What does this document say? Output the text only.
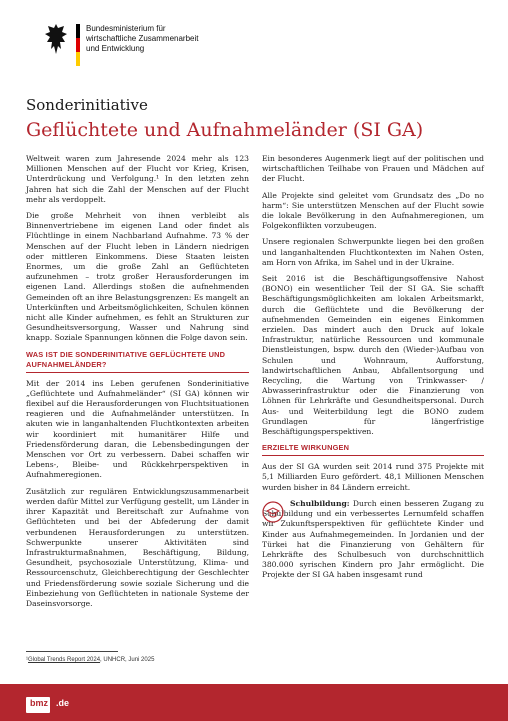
Bundesministerium für
wirtschaftliche Zusammenarbeit
und Entwicklung
Sonderinitiative
Geflüchtete und Aufnahmeländer (SI GA)

Weltweit waren zum Jahresende 2024 mehr als 123 Millionen Menschen auf der Flucht vor Krieg, Krisen, Unterdrückung und Verfolgung.¹ In den letzten zehn Jahren hat sich die Zahl der Menschen auf der Flucht mehr als verdoppelt.

Die große Mehrheit von ihnen verbleibt als Binnenvertriebene im eigenen Land oder findet als Flüchtlinge in einem Nachbarland Aufnahme. 73 % der Menschen auf der Flucht leben in Ländern niedrigen oder mittleren Einkommens. Diese Staaten leisten Enormes, um die große Zahl an Geflüchteten aufzunehmen – trotz großer Herausforderungen im eigenen Land. Allerdings stoßen die aufnehmenden Gemeinden oft an ihre Belastungsgrenzen: Es mangelt an Unterkünften und Arbeitsmöglichkeiten, Schulen können nicht alle Kinder aufnehmen, es fehlt an Strukturen zur Gesundheitsversorgung, Wasser und Nahrung sind knapp. Soziale Spannungen können die Folge davon sein.

WAS IST DIE SONDERINITIATIVE GEFLÜCHTETE UND AUFNAHMELÄNDER?

Mit der 2014 ins Leben gerufenen Sonderinitiative „Geflüchtete und Aufnahmeländer“ (SI GA) können wir flexibel auf die Herausforderungen von Fluchtsituationen reagieren und die Aufnahmeländer unterstützen. In akuten wie in langanhaltenden Fluchtkontexten arbeiten wir koordiniert mit humanitärer Hilfe und Friedensförderung daran, die Lebensbedingungen der Menschen vor Ort zu verbessern. Dabei schaffen wir Lebens-, Bleibe- und Rückkehrperspektiven in Aufnahmeregionen.

Zusätzlich zur regulären Entwicklungszusammenarbeit werden dafür Mittel zur Verfügung gestellt, um Länder in ihrer Kapazität und Bereitschaft zur Aufnahme von Geflüchteten und bei der Abfederung der damit verbundenen Herausforderungen zu unterstützen. Schwerpunkte unserer Aktivitäten sind Infrastrukturmaßnahmen, Beschäftigung, Bildung, Gesundheit, psychosoziale Unterstützung, Klima- und Ressourcenschutz, Gleichberechtigung der Geschlechter und Friedensförderung sowie soziale Sicherung und die Einbeziehung von Geflüchteten in nationale Systeme der Daseinsvorsorge.

Ein besonderes Augenmerk liegt auf der politischen und wirtschaftlichen Teilhabe von Frauen und Mädchen auf der Flucht.

Alle Projekte sind geleitet vom Grundsatz des „Do no harm“: Sie unterstützen Menschen auf der Flucht sowie die lokale Bevölkerung in den Aufnahmeregionen, um Folgekonflikten vorzubeugen.

Unsere regionalen Schwerpunkte liegen bei den großen und langanhaltenden Fluchtkontexten im Nahen Osten, am Horn von Afrika, im Sahel und in der Ukraine.

Seit 2016 ist die Beschäftigungsoffensive Nahost (BONO) ein wesentlicher Teil der SI GA. Sie schafft Beschäftigungsmöglichkeiten am lokalen Arbeitsmarkt, durch die Geflüchtete und die Bevölkerung der aufnehmenden Gemeinden ein eigenes Einkommen erzielen. Das mindert auch den Druck auf lokale Infrastruktur, natürliche Ressourcen und kommunale Dienstleistungen, bspw. durch den (Wieder-)Aufbau von Schulen und Wohnraum, Aufforstung, landwirtschaftlichen Anbau, Abfallentsorgung und Recycling, die Wartung von Trinkwasser- / Abwasserinfrastruktur oder die Finanzierung von Löhnen für Lehrkräfte und Gesundheitspersonal. Durch Aus- und Weiterbildung legt die BONO zudem Grundlagen für längerfristige Beschäftigungsperspektiven.

ERZIELTE WIRKUNGEN

Aus der SI GA wurden seit 2014 rund 375 Projekte mit 5,1 Milliarden Euro gefördert. 48,1 Millionen Menschen wurden bisher in 84 Ländern erreicht.

Schulbildung: Durch einen besseren Zugang zu Schulbildung und ein verbessertes Lernumfeld schaffen wir Zukunftsperspektiven für geflüchtete Kinder und Kinder aus Aufnahmegemeinden. In Jordanien und der Türkei hat die Finanzierung von Gehältern für Lehrkräfte des Schulbesuch von durchschnittlich 380.000 syrischen Kindern pro Jahr ermöglicht. Die Projekte der SI GA haben insgesamt rund

¹Global Trends Report 2024, UNHCR, Juni 2025
bmz .de
